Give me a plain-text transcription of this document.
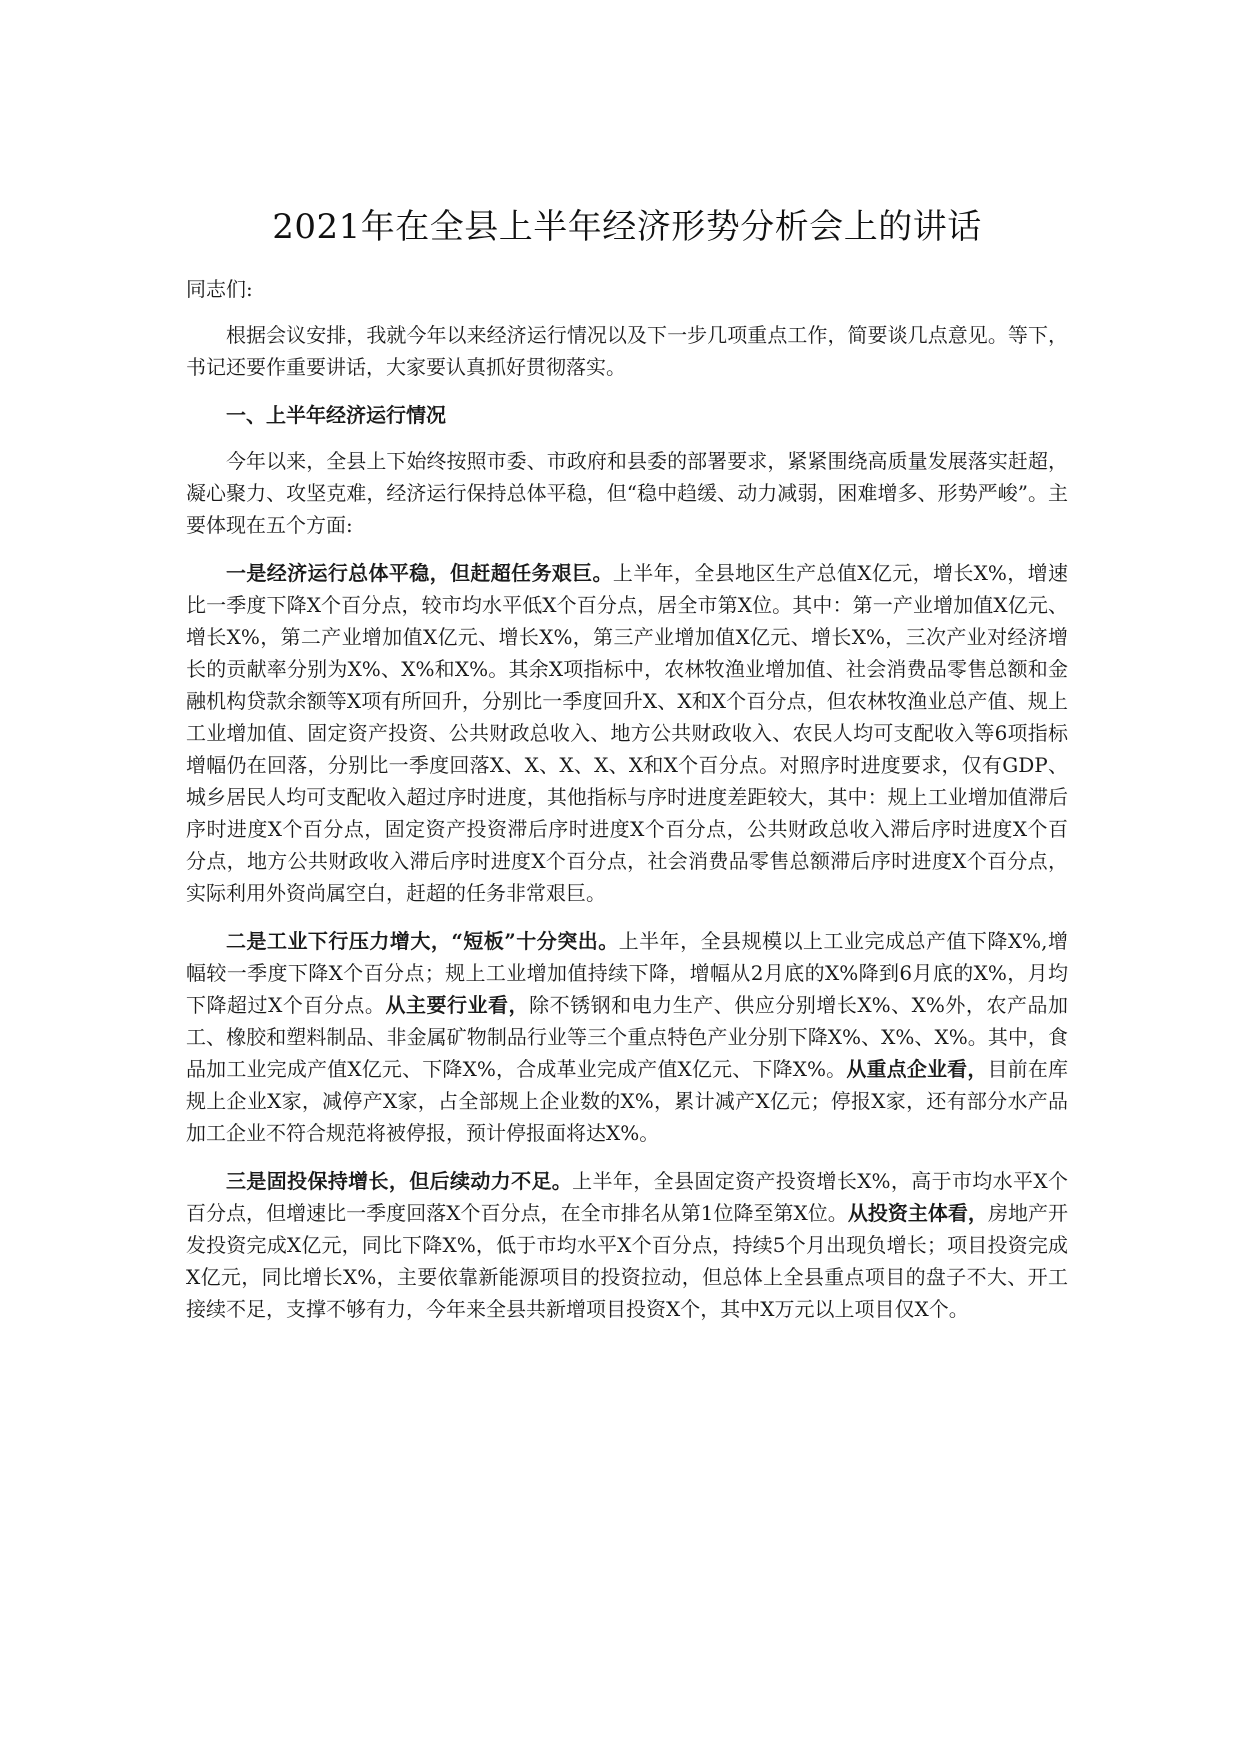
2021年在全县上半年经济形势分析会上的讲话
同志们:

根据会议安排，我就今年以来经济运行情况以及下一步几项重点工作，简要谈几点意见。等下，书记还要作重要讲话，大家要认真抓好贯彻落实。

一、上半年经济运行情况

今年以来，全县上下始终按照市委、市政府和县委的部署要求，紧紧围绕高质量发展落实赶超，凝心聚力、攻坚克难，经济运行保持总体平稳，但“稳中趋缓、动力减弱，困难增多、形势严峻”。主要体现在五个方面:

一是经济运行总体平稳，但赶超任务艰巨。上半年，全县地区生产总值X亿元，增长X%，增速比一季度下降X个百分点，较市均水平低X个百分点，居全市第X位。其中：第一产业增加值X亿元、增长X%，第二产业增加值X亿元、增长X%，第三产业增加值X亿元、增长X%，三次产业对经济增长的贡献率分别为X%、X%和X%。其余X项指标中，农林牧渔业增加值、社会消费品零售总额和金融机构贷款余额等X项有所回升，分别比一季度回升X、X和X个百分点，但农林牧渔业总产值、规上工业增加值、固定资产投资、公共财政总收入、地方公共财政收入、农民人均可支配收入等6项指标增幅仍在回落，分别比一季度回落X、X、X、X、X和X个百分点。对照序时进度要求，仅有GDP、城乡居民人均可支配收入超过序时进度，其他指标与序时进度差距较大，其中：规上工业增加值滞后序时进度X个百分点，固定资产投资滞后序时进度X个百分点，公共财政总收入滞后序时进度X个百分点，地方公共财政收入滞后序时进度X个百分点，社会消费品零售总额滞后序时进度X个百分点，实际利用外资尚属空白，赶超的任务非常艰巨。

二是工业下行压力增大，“短板”十分突出。上半年，全县规模以上工业完成总产值下降X%,增幅较一季度下降X个百分点；规上工业增加值持续下降，增幅从2月底的X%降到6月底的X%，月均下降超过X个百分点。从主要行业看，除不锈钢和电力生产、供应分别增长X%、X%外，农产品加工、橡胶和塑料制品、非金属矿物制品行业等三个重点特色产业分别下降X%、X%、X%。其中，食品加工业完成产值X亿元、下降X%，合成革业完成产值X亿元、下降X%。从重点企业看，目前在库规上企业X家，减停产X家，占全部规上企业数的X%，累计减产X亿元；停报X家，还有部分水产品加工企业不符合规范将被停报，预计停报面将达X%。

三是固投保持增长，但后续动力不足。上半年，全县固定资产投资增长X%，高于市均水平X个百分点，但增速比一季度回落X个百分点，在全市排名从第1位降至第X位。从投资主体看，房地产开发投资完成X亿元，同比下降X%，低于市均水平X个百分点，持续5个月出现负增长；项目投资完成X亿元，同比增长X%，主要依靠新能源项目的投资拉动，但总体上全县重点项目的盘子不大、开工接续不足，支撑不够有力，今年来全县共新增项目投资X个，其中X万元以上项目仅X个。
